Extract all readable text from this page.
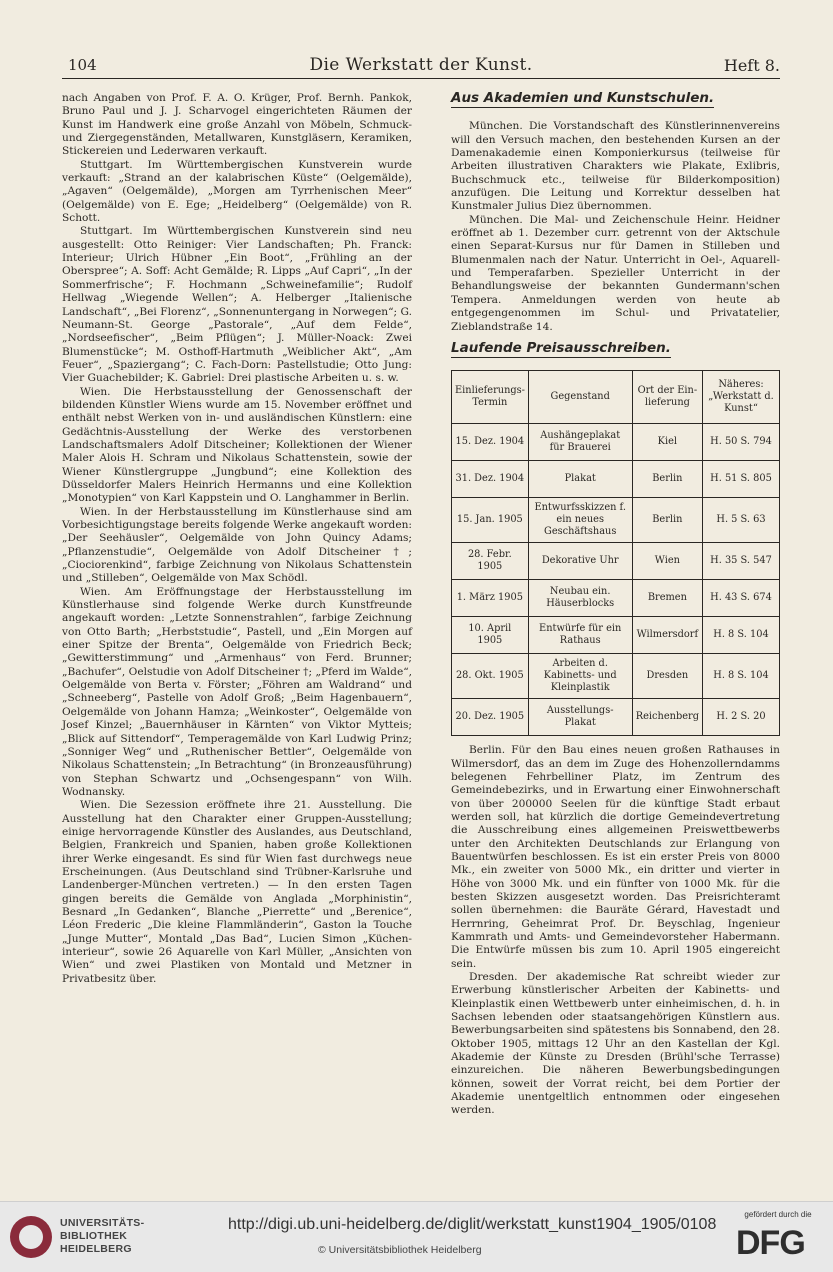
104	Die Werkstatt der Kunst.	Heft 8.

nach Angaben von Prof. F. A. O. Krüger, Prof. Bernh. Pankok, Bruno Paul und J. J. Scharvogel eingerichteten Räumen der Kunst im Handwerk eine große Anzahl von Möbeln, Schmuck- und Ziergegenständen, Metallwaren, Kunstgläsern, Keramiken, Stickereien und Lederwaren verkauft.

Stuttgart. Im Württembergischen Kunstverein wurde verkauft: „Strand an der kalabrischen Küste“ (Oelgemälde), „Agaven“ (Oelgemälde), „Morgen am Tyrrhenischen Meer“ (Oelgemälde) von E. Ege; „Heidelberg“ (Oelgemälde) von R. Schott.

Stuttgart. Im Württembergischen Kunstverein sind neu ausgestellt: Otto Reiniger: Vier Landschaften; Ph. Franck: Interieur; Ulrich Hübner „Ein Boot“, „Frühling an der Oberspree“; A. Soff: Acht Gemälde; R. Lipps „Auf Capri“, „In der Sommerfrische“; F. Hochmann „Schweinefamilie“; Rudolf Hellwag „Wiegende Wellen“; A. Helberger „Italienische Landschaft“, „Bei Florenz“, „Sonnenuntergang in Norwegen“; G. Neumann-St. George „Pastorale“, „Auf dem Felde“, „Nordseefischer“, „Beim Pflügen“; J. Müller-Noack: Zwei Blumenstücke“; M. Osthoff-Hartmuth „Weiblicher Akt“, „Am Feuer“, „Spaziergang“; C. Fach-Dorn: Pastellstudie; Otto Jung: Vier Guachebilder; K. Gabriel: Drei plastische Arbeiten u. s. w.

Wien. Die Herbstausstellung der Genossenschaft der bildenden Künstler Wiens wurde am 15. November eröffnet und enthält nebst Werken von in- und ausländischen Künstlern: eine Gedächtnis-Ausstellung der Werke des verstorbenen Landschaftsmalers Adolf Ditscheiner; Kollektionen der Wiener Maler Alois H. Schram und Nikolaus Schattenstein, sowie der Wiener Künstlergruppe „Jungbund“; eine Kollektion des Düsseldorfer Malers Heinrich Hermanns und eine Kollektion „Monotypien“ von Karl Kappstein und O. Langhammer in Berlin.

Wien. In der Herbstausstellung im Künstlerhause sind am Vorbesichtigungstage bereits folgende Werke angekauft worden: „Der Seehäusler“, Oelgemälde von John Quincy Adams; „Pflanzenstudie“, Oelgemälde von Adolf Ditscheiner †; „Ciociorenkind“, farbige Zeichnung von Nikolaus Schattenstein und „Stilleben“, Oelgemälde von Max Schödl.

Wien. Am Eröffnungstage der Herbstausstellung im Künstlerhause sind folgende Werke durch Kunstfreunde angekauft worden: „Letzte Sonnenstrahlen“, farbige Zeichnung von Otto Barth; „Herbststudie“, Pastell, und „Ein Morgen auf einer Spitze der Brenta“, Oelgemälde von Friedrich Beck; „Gewitterstimmung“ und „Armenhaus“ von Ferd. Brunner; „Bachufer“, Oelstudie von Adolf Ditscheiner †; „Pferd im Walde“, Oelgemälde von Berta v. Förster; „Föhren am Waldrand“ und „Schneeberg“, Pastelle von Adolf Groß; „Beim Hagenbauern“, Oelgemälde von Johann Hamza; „Weinkoster“, Oelgemälde von Josef Kinzel; „Bauernhäuser in Kärnten“ von Viktor Mytteis; „Blick auf Sittendorf“, Temperagemälde von Karl Ludwig Prinz; „Sonniger Weg“ und „Ruthenischer Bettler“, Oelgemälde von Nikolaus Schattenstein; „In Betrachtung“ (in Bronzeausführung) von Stephan Schwartz und „Ochsengespann“ von Wilh. Wodnansky.

Wien. Die Sezession eröffnete ihre 21. Ausstellung. Die Ausstellung hat den Charakter einer Gruppen-Ausstellung; einige hervorragende Künstler des Auslandes, aus Deutschland, Belgien, Frankreich und Spanien, haben große Kollektionen ihrer Werke eingesandt. Es sind für Wien fast durchwegs neue Erscheinungen. (Aus Deutschland sind Trübner-Karlsruhe und Landenberger-München vertreten.) — In den ersten Tagen gingen bereits die Gemälde von Anglada „Morphinistin“, Besnard „In Gedanken“, Blanche „Pierrette“ und „Berenice“, Léon Frederic „Die kleine Flammländerin“, Gaston la Touche „Junge Mutter“, Montald „Das Bad“, Lucien Simon „Kücheninterieur“, sowie 26 Aquarelle von Karl Müller, „Ansichten von Wien“ und zwei Plastiken von Montald und Metzner in Privatbesitz über.

Aus Akademien und Kunstschulen.

München. Die Vorstandschaft des Künstlerinnenvereins will den Versuch machen, den bestehenden Kursen an der Damenakademie einen Komponierkursus (teilweise für Arbeiten illustrativen Charakters wie Plakate, Exlibris, Buchschmuck etc., teilweise für Bilderkomposition) anzufügen. Die Leitung und Korrektur desselben hat Kunstmaler Julius Diez übernommen.

München. Die Mal- und Zeichenschule Heinr. Heidner eröffnet ab 1. Dezember curr. getrennt von der Aktschule einen Separat-Kursus nur für Damen in Stilleben und Blumenmalen nach der Natur. Unterricht in Oel-, Aquarell- und Temperafarben. Spezieller Unterricht in der Behandlungsweise der bekannten Gundermann'schen Tempera. Anmeldungen werden von heute ab entgegengenommen im Schul- und Privatatelier, Zieblandstraße 14.

Laufende Preisausschreiben.
Einlieferungs-Termin	Gegenstand	Ort der Ein-lieferung	Näheres: „Werkstatt d. Kunst“
15. Dez. 1904	Aushängeplakat für Brauerei	Kiel	H. 50 S. 794
31. Dez. 1904	Plakat	Berlin	H. 51 S. 805
15. Jan. 1905	Entwurfsskizzen f. ein neues Geschäftshaus	Berlin	H. 5 S. 63
28. Febr. 1905	Dekorative Uhr	Wien	H. 35 S. 547
1. März 1905	Neubau ein. Häuserblocks	Bremen	H. 43 S. 674
10. April 1905	Entwürfe für ein Rathaus	Wilmersdorf	H. 8 S. 104
28. Okt. 1905	Arbeiten d. Kabinetts- und Kleinplastik	Dresden	H. 8 S. 104
20. Dez. 1905	Ausstellungs-Plakat	Reichenberg	H. 2 S. 20

Berlin. Für den Bau eines neuen großen Rathauses in Wilmersdorf, das an dem im Zuge des Hohenzollerndamms belegenen Fehrbelliner Platz, im Zentrum des Gemeindebezirks, und in Erwartung einer Einwohnerschaft von über 200000 Seelen für die künftige Stadt erbaut werden soll, hat kürzlich die dortige Gemeindevertretung die Ausschreibung eines allgemeinen Preiswettbewerbs unter den Architekten Deutschlands zur Erlangung von Bauentwürfen beschlossen. Es ist ein erster Preis von 8000 Mk., ein zweiter von 5000 Mk., ein dritter und vierter in Höhe von 3000 Mk. und ein fünfter von 1000 Mk. für die besten Skizzen ausgesetzt worden. Das Preisrichteramt sollen übernehmen: die Bauräte Gérard, Havestadt und Herrnring, Geheimrat Prof. Dr. Beyschlag, Ingenieur Kammrath und Amts- und Gemeindevorsteher Habermann. Die Entwürfe müssen bis zum 10. April 1905 eingereicht sein.

Dresden. Der akademische Rat schreibt wieder zur Erwerbung künstlerischer Arbeiten der Kabinetts- und Kleinplastik einen Wettbewerb unter einheimischen, d. h. in Sachsen lebenden oder staatsangehörigen Künstlern aus. Bewerbungsarbeiten sind spätestens bis Sonnabend, den 28. Oktober 1905, mittags 12 Uhr an den Kastellan der Kgl. Akademie der Künste zu Dresden (Brühl'sche Terrasse) einzureichen. Die näheren Bewerbungsbedingungen können, soweit der Vorrat reicht, bei dem Portier der Akademie unentgeltlich entnommen oder eingesehen werden.

UNIVERSITÄTS-
BIBLIOTHEK
HEIDELBERG
http://digi.ub.uni-heidelberg.de/diglit/werkstatt_kunst1904_1905/0108
© Universitätsbibliothek Heidelberg
gefördert durch die
DFG
